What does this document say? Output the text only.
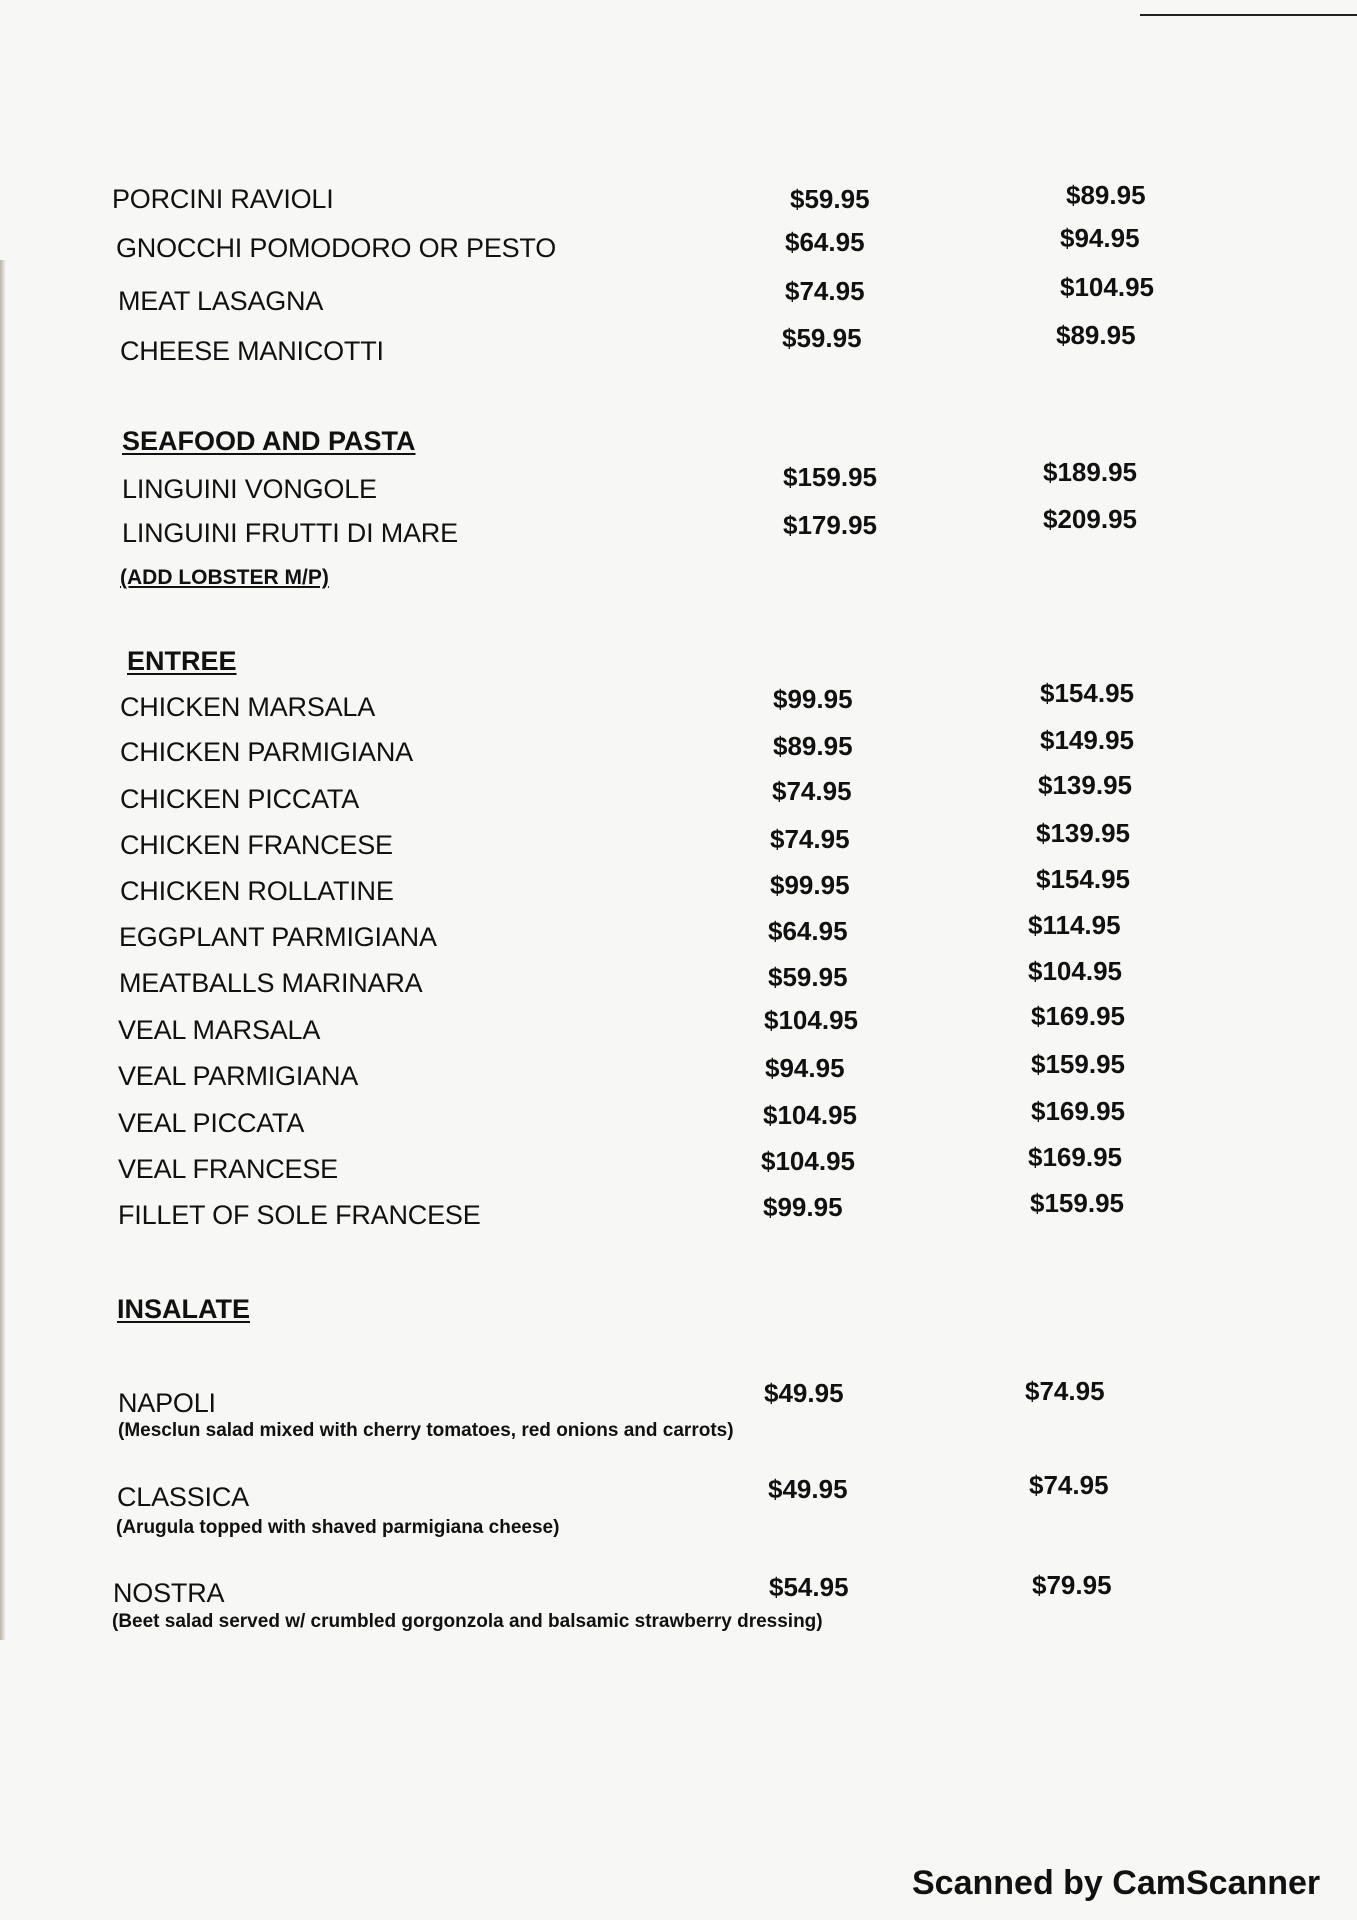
PORCINI RAVIOLI	$59.95	$89.95
GNOCCHI POMODORO OR PESTO	$64.95	$94.95
MEAT LASAGNA	$74.95	$104.95
CHEESE MANICOTTI	$59.95	$89.95
SEAFOOD AND PASTA
LINGUINI VONGOLE	$159.95	$189.95
LINGUINI FRUTTI DI MARE	$179.95	$209.95
(ADD LOBSTER M/P)
ENTREE
CHICKEN MARSALA	$99.95	$154.95
CHICKEN PARMIGIANA	$89.95	$149.95
CHICKEN PICCATA	$74.95	$139.95
CHICKEN FRANCESE	$74.95	$139.95
CHICKEN ROLLATINE	$99.95	$154.95
EGGPLANT PARMIGIANA	$64.95	$114.95
MEATBALLS MARINARA	$59.95	$104.95
VEAL MARSALA	$104.95	$169.95
VEAL PARMIGIANA	$94.95	$159.95
VEAL PICCATA	$104.95	$169.95
VEAL FRANCESE	$104.95	$169.95
FILLET OF SOLE FRANCESE	$99.95	$159.95
INSALATE
NAPOLI	$49.95	$74.95
(Mesclun salad mixed with cherry tomatoes, red onions and carrots)
CLASSICA	$49.95	$74.95
(Arugula topped with shaved parmigiana cheese)
NOSTRA	$54.95	$79.95
(Beet salad served w/ crumbled gorgonzola and balsamic strawberry dressing)
Scanned by CamScanner
